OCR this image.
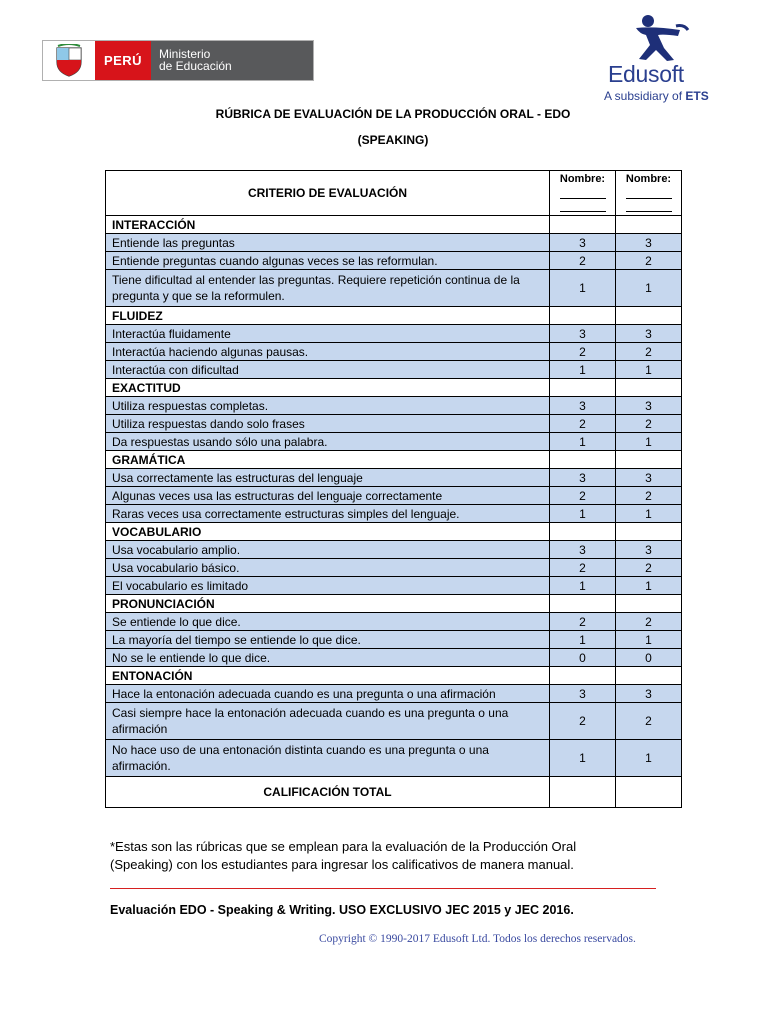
PERÚ	Ministerio
de Educación	Edusoft
A subsidiary of ETS
RÚBRICA DE EVALUACIÓN DE LA PRODUCCIÓN ORAL - EDO
(SPEAKING)
CRITERIO DE EVALUACIÓN	Nombre:	Nombre:

INTERACCIÓN		
Entiende las preguntas	3	3
Entiende preguntas cuando algunas veces se las reformulan.	2	2
Tiene dificultad al entender las preguntas. Requiere repetición continua de la pregunta y que se la reformulen.	1	1
FLUIDEZ		
Interactúa fluidamente	3	3
Interactúa haciendo algunas pausas.	2	2
Interactúa con dificultad	1	1
EXACTITUD		
Utiliza respuestas completas.	3	3
Utiliza respuestas dando solo frases	2	2
Da respuestas usando sólo una palabra.	1	1
GRAMÁTICA		
Usa correctamente las estructuras del lenguaje	3	3
Algunas veces usa las estructuras del lenguaje correctamente	2	2
Raras veces usa correctamente estructuras simples del lenguaje.	1	1
VOCABULARIO		
Usa vocabulario amplio.	3	3
Usa vocabulario básico.	2	2
El vocabulario es limitado	1	1
PRONUNCIACIÓN		
Se entiende lo que dice.	2	2
La mayoría del tiempo se entiende lo que dice.	1	1
No se le entiende lo que dice.	0	0
ENTONACIÓN		
Hace la entonación adecuada cuando es una pregunta o una afirmación	3	3
Casi siempre hace la entonación adecuada cuando es una pregunta o una afirmación	2	2
No hace uso de una entonación distinta cuando es una pregunta o una afirmación.	1	1
CALIFICACIÓN TOTAL		
*Estas son las rúbricas que se emplean para la evaluación de la Producción Oral (Speaking) con los estudiantes para ingresar los calificativos de manera manual.
Evaluación EDO - Speaking & Writing. USO EXCLUSIVO JEC 2015 y JEC 2016.
Copyright © 1990-2017 Edusoft Ltd. Todos los derechos reservados.
